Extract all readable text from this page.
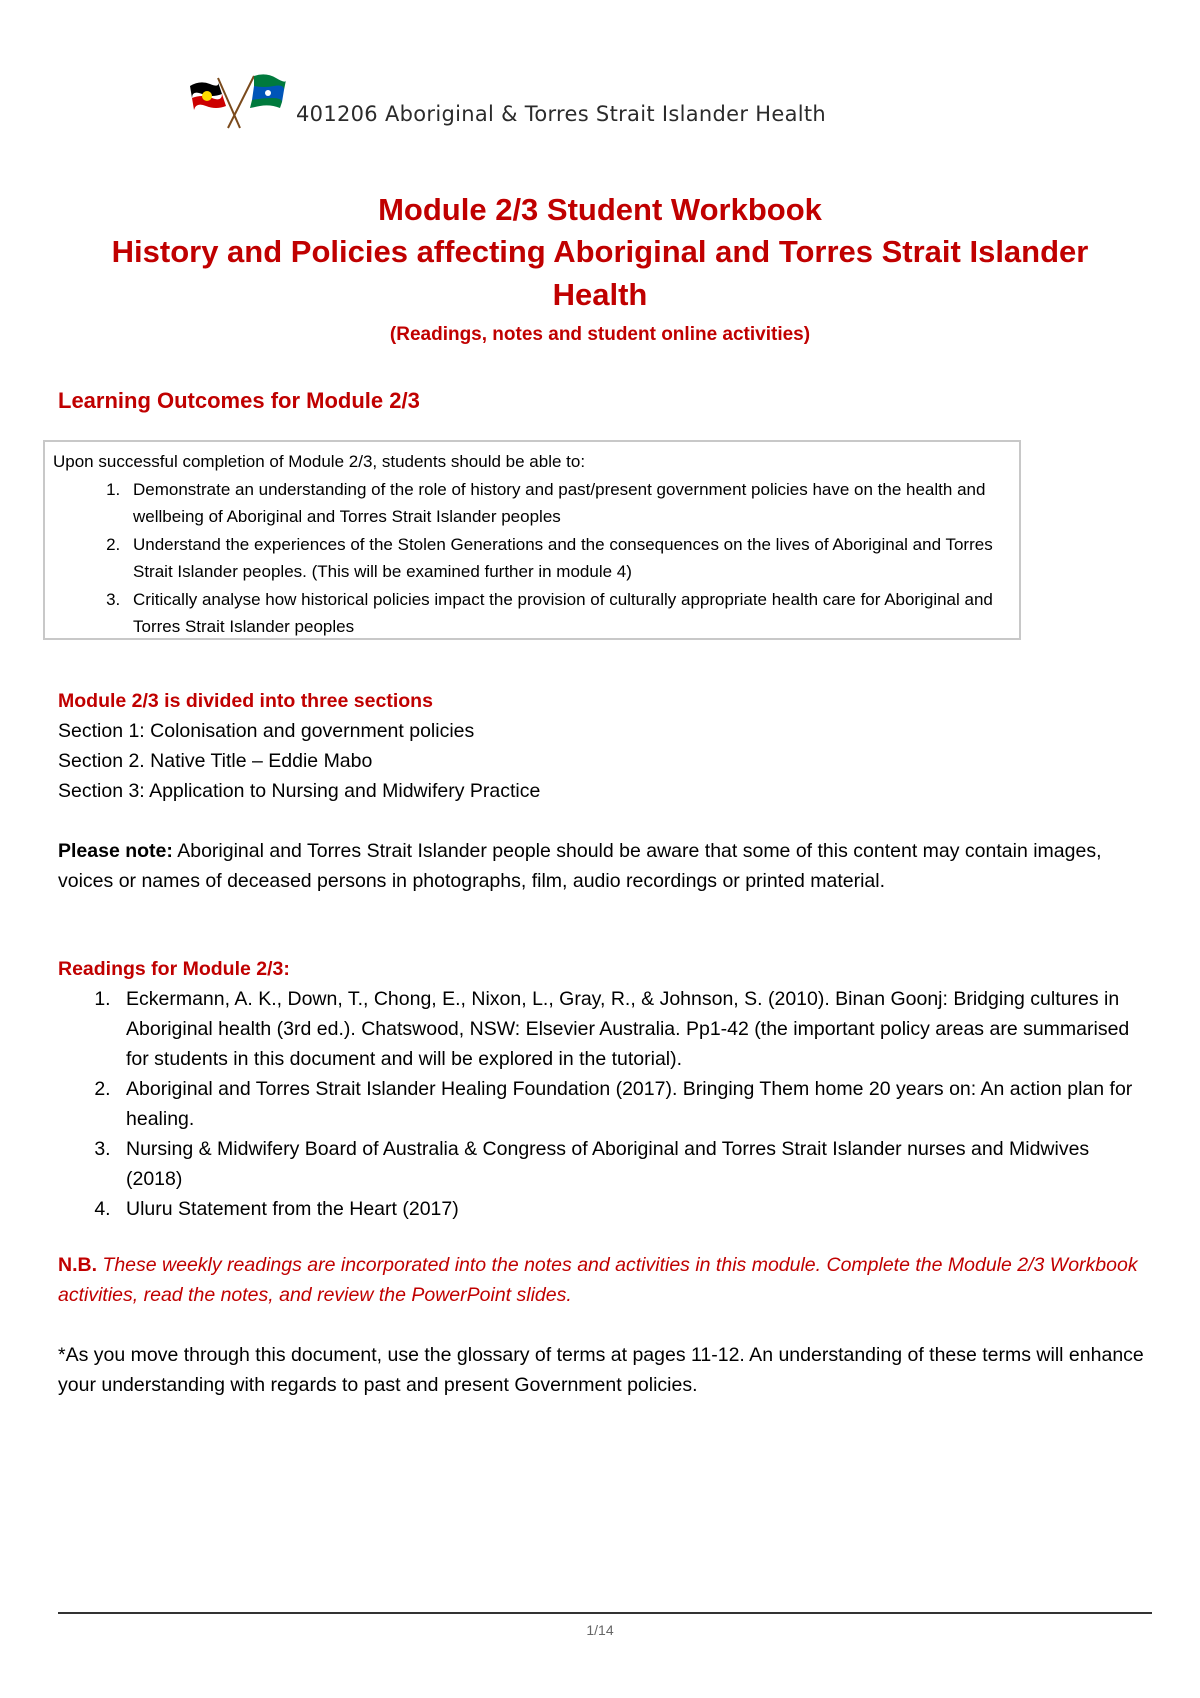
401206 Aboriginal & Torres Strait Islander Health
Module 2/3 Student Workbook
History and Policies affecting Aboriginal and Torres Strait Islander
Health
(Readings, notes and student online activities)
Learning Outcomes for Module 2/3
Upon successful completion of Module 2/3, students should be able to:
1. Demonstrate an understanding of the role of history and past/present government policies have on the health and wellbeing of Aboriginal and Torres Strait Islander peoples
2. Understand the experiences of the Stolen Generations and the consequences on the lives of Aboriginal and Torres Strait Islander peoples. (This will be examined further in module 4)
3. Critically analyse how historical policies impact the provision of culturally appropriate health care for Aboriginal and Torres Strait Islander peoples
Module 2/3 is divided into three sections
Section 1: Colonisation and government policies
Section 2. Native Title – Eddie Mabo
Section 3: Application to Nursing and Midwifery Practice
Please note: Aboriginal and Torres Strait Islander people should be aware that some of this content may contain images, voices or names of deceased persons in photographs, film, audio recordings or printed material.
Readings for Module 2/3:
1. Eckermann, A. K., Down, T., Chong, E., Nixon, L., Gray, R., & Johnson, S. (2010). Binan Goonj: Bridging cultures in Aboriginal health (3rd ed.). Chatswood, NSW: Elsevier Australia. Pp1-42 (the important policy areas are summarised for students in this document and will be explored in the tutorial).
2. Aboriginal and Torres Strait Islander Healing Foundation (2017). Bringing Them home 20 years on: An action plan for healing.
3. Nursing & Midwifery Board of Australia & Congress of Aboriginal and Torres Strait Islander nurses and Midwives (2018)
4. Uluru Statement from the Heart (2017)
N.B. These weekly readings are incorporated into the notes and activities in this module. Complete the Module 2/3 Workbook activities, read the notes, and review the PowerPoint slides.
*As you move through this document, use the glossary of terms at pages 11-12. An understanding of these terms will enhance your understanding with regards to past and present Government policies.
1/14
